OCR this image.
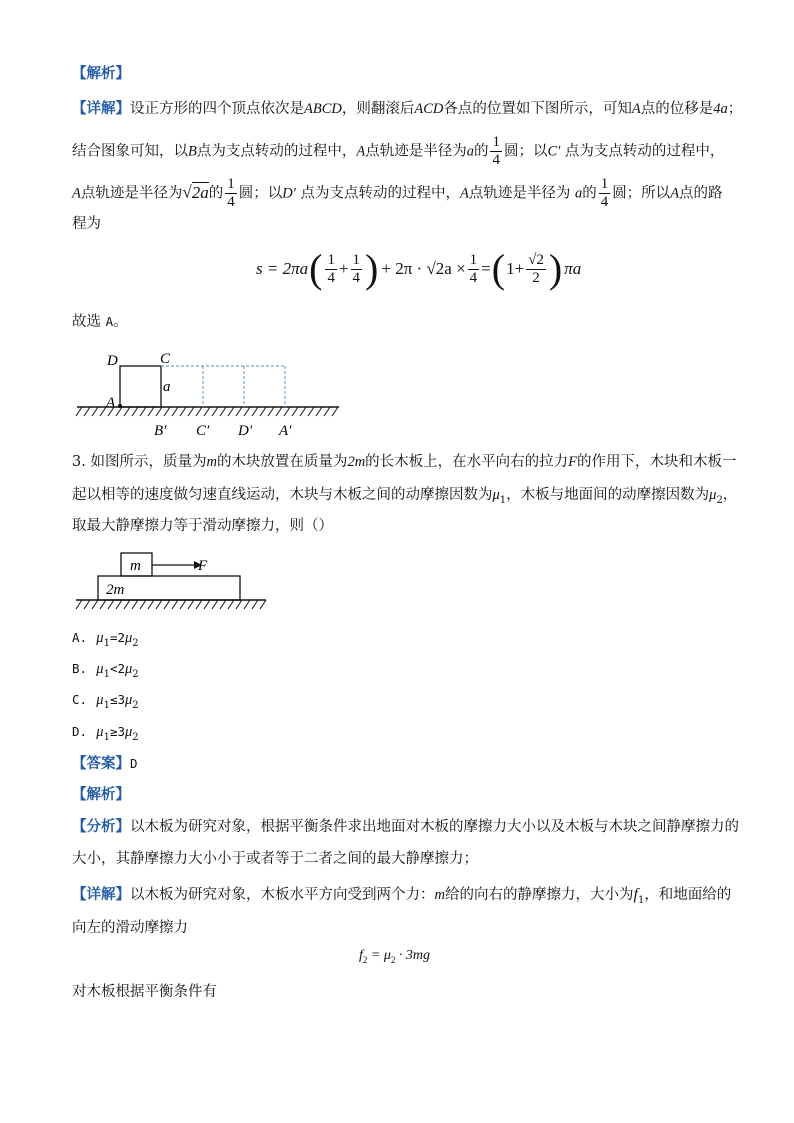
【解析】
【详解】设正方形的四个顶点依次是ABCD，则翻滚后ACD各点的位置如下图所示，可知A点的位移是4a；
结合图象可知，以B点为支点转动的过程中，A点轨迹是半径为a的 $\frac{1}{4}$ 圆；以C′ 点为支点转动的过程中，
A点轨迹是半径为√2a的 $\frac{1}{4}$ 圆；以D′ 点为支点转动的过程中，A点轨迹是半径为 a的 $\frac{1}{4}$ 圆；所以A点的路
程为
s = 2πa ( $\frac{1}{4} + \frac{1}{4}$ ) + $2\pi \cdot √2a \times \frac{1}{4}$ = ( $1+ \frac{√2}{2}$ ) πa
故选 A。
D	C
a
A
B′ C′ D′ A′
3. 如图所示，质量为m的木块放置在质量为2m的长木板上，在水平向右的拉力F的作用下，木块和木板一
起以相等的速度做匀速直线运动，木块与木板之间的动摩擦因数为$\mu_1$，木板与地面间的动摩擦因数为$\mu_2$，
取最大静摩擦力等于滑动摩擦力，则（）
m	F
2m
A. $\mu_1=2\mu_2$
B. $\mu_1<2\mu_2$
C. $\mu_1\le 3\mu_2$
D. $\mu_1\ge 3\mu_2$
【答案】D
【解析】
【分析】以木板为研究对象，根据平衡条件求出地面对木板的摩擦力大小以及木板与木块之间静摩擦力的
大小，其静摩擦力大小小于或者等于二者之间的最大静摩擦力；
【详解】以木板为研究对象，木板水平方向受到两个力：m给的向右的静摩擦力，大小为$f_1$，和地面给的
向左的滑动摩擦力
$f_2 = \mu_2 \cdot 3mg$
对木板根据平衡条件有
